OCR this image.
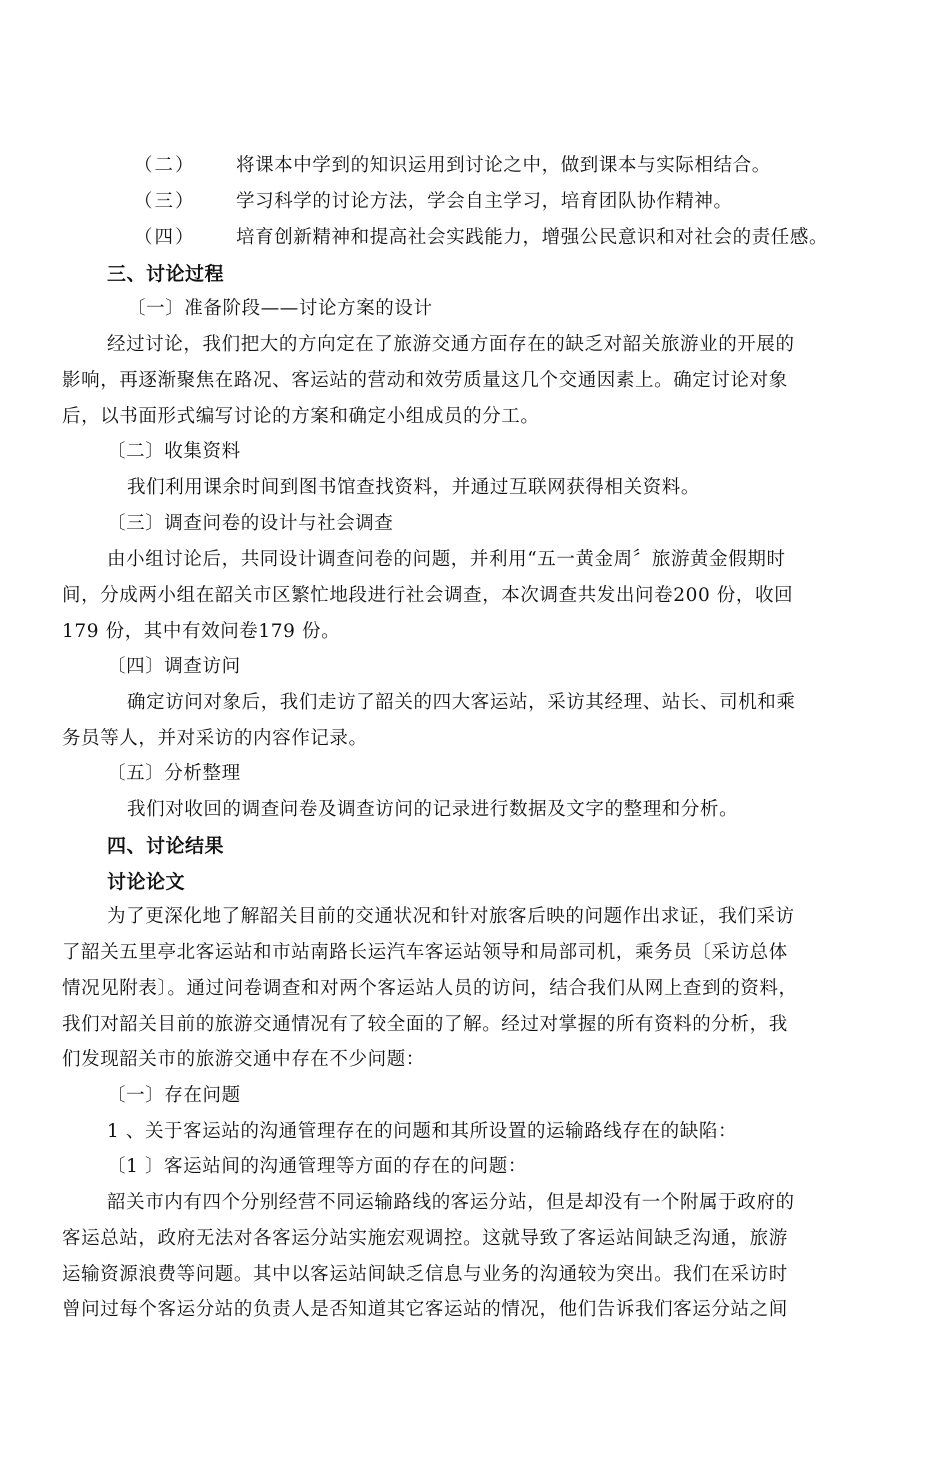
（二） 将课本中学到的知识运用到讨论之中，做到课本与实际相结合。
（三） 学习科学的讨论方法，学会自主学习，培育团队协作精神。
（四） 培育创新精神和提高社会实践能力，增强公民意识和对社会的责任感。
三、讨论过程
〔一〕准备阶段——讨论方案的设计
经过讨论，我们把大的方向定在了旅游交通方面存在的缺乏对韶关旅游业的开展的
影响，再逐渐聚焦在路况、客运站的营动和效劳质量这几个交通因素上。确定讨论对象
后，以书面形式编写讨论的方案和确定小组成员的分工。
〔二〕收集资料
我们利用课余时间到图书馆查找资料，并通过互联网获得相关资料。
〔三〕调查问卷的设计与社会调查
由小组讨论后，共同设计调查问卷的问题，并利用“五一黄金周〞旅游黄金假期时
间，分成两小组在韶关市区繁忙地段进行社会调查，本次调查共发出问卷200 份，收回
179 份，其中有效问卷179 份。
〔四〕调查访问
确定访问对象后，我们走访了韶关的四大客运站，采访其经理、站长、司机和乘
务员等人，并对采访的内容作记录。
〔五〕分析整理
我们对收回的调查问卷及调查访问的记录进行数据及文字的整理和分析。
四、讨论结果
讨论论文
为了更深化地了解韶关目前的交通状况和针对旅客后映的问题作出求证，我们采访
了韶关五里亭北客运站和市站南路长运汽车客运站领导和局部司机，乘务员〔采访总体
情况见附表〕。通过问卷调查和对两个客运站人员的访问，结合我们从网上查到的资料，
我们对韶关目前的旅游交通情况有了较全面的了解。经过对掌握的所有资料的分析，我
们发现韶关市的旅游交通中存在不少问题：
〔一〕存在问题
1 、关于客运站的沟通管理存在的问题和其所设置的运输路线存在的缺陷：
〔1 〕客运站间的沟通管理等方面的存在的问题：
韶关市内有四个分别经营不同运输路线的客运分站，但是却没有一个附属于政府的
客运总站，政府无法对各客运分站实施宏观调控。这就导致了客运站间缺乏沟通，旅游
运输资源浪费等问题。其中以客运站间缺乏信息与业务的沟通较为突出。我们在采访时
曾问过每个客运分站的负责人是否知道其它客运站的情况，他们告诉我们客运分站之间
